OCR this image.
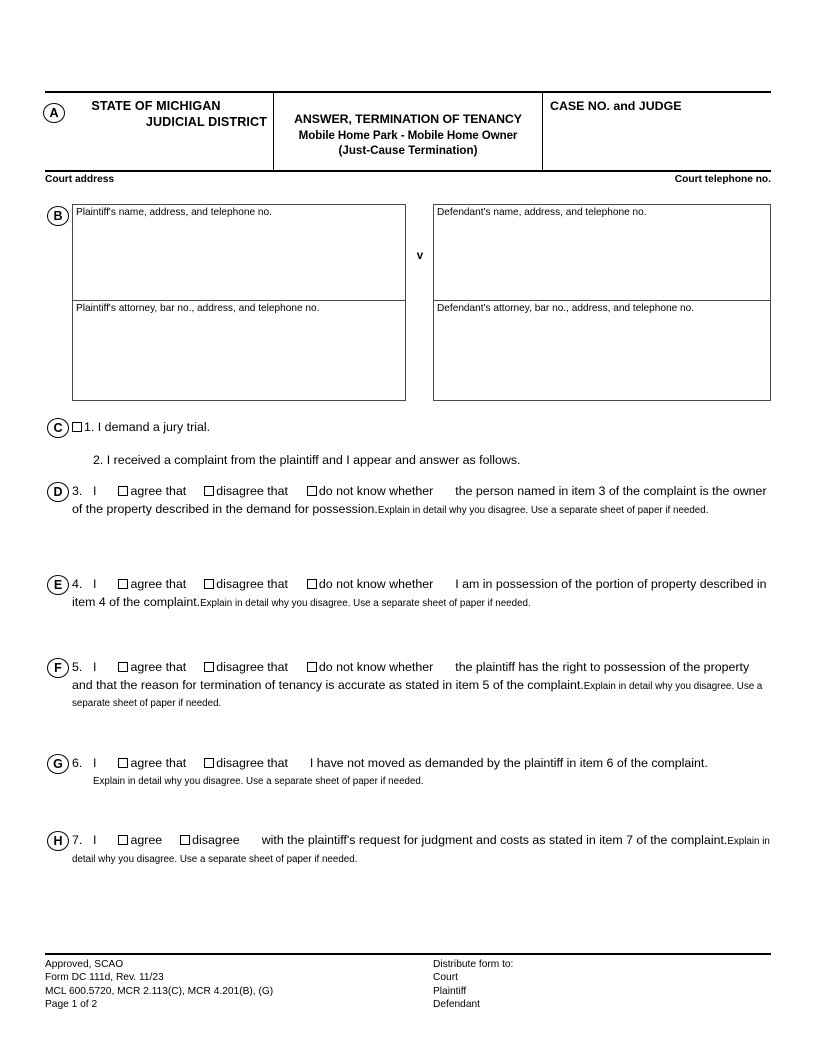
STATE OF MICHIGAN
JUDICIAL DISTRICT	ANSWER, TERMINATION OF TENANCY
Mobile Home Park - Mobile Home Owner
(Just-Cause Termination)
CASE NO. and JUDGE
A
Court address	Court telephone no.
Plaintiff's name, address, and telephone no.
Plaintiff's attorney, bar no., address, and telephone no.
Defendant's name, address, and telephone no.
Defendant's attorney, bar no., address, and telephone no.
v
B
1. I demand a jury trial.
C
2. I received a complaint from the plaintiff and I appear and answer as follows.
3. I	agree that disagree that	do not know whether the person named in item 3 of the complaint is the owner of the property described in the demand for possession.Explain in detail why you disagree. Use a separate sheet of paper if needed.
D
4. I	agree that disagree that	do not know whether I am in possession of the portion of property described in item 4 of the complaint.Explain in detail why you disagree. Use a separate sheet of paper if needed.
E
5. I	agree that disagree that	do not know whether the plaintiff has the right to possession of the property and that the reason for termination of tenancy is accurate as stated in item 5 of the complaint.Explain in detail why you disagree. Use a separate sheet of paper if needed.
F
6. I	agree that disagree that I have not moved as demanded by the plaintiff in item 6 of the complaint.
Explain in detail why you disagree. Use a separate sheet of paper if needed.
G
7. I	agree disagree with the plaintiff's request for judgment and costs as stated in item 7 of the complaint.Explain in detail why you disagree. Use a separate sheet of paper if needed.
H
Approved, SCAO
Form DC 111d, Rev. 11/23
MCL 600.5720, MCR 2.113(C), MCR 4.201(B), (G)
Page 1 of 2
Distribute form to:
Court
Plaintiff
Defendant
